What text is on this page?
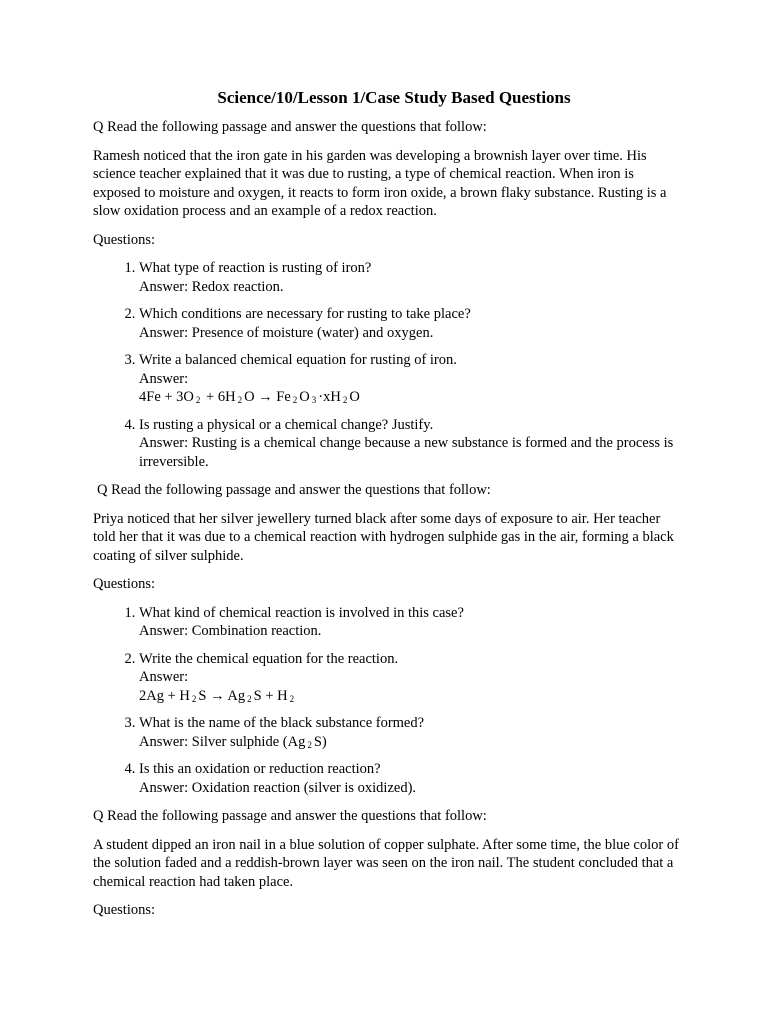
Science/10/Lesson 1/Case Study Based Questions

Q Read the following passage and answer the questions that follow:

Ramesh noticed that the iron gate in his garden was developing a brownish layer over time. His science teacher explained that it was due to rusting, a type of chemical reaction. When iron is exposed to moisture and oxygen, it reacts to form iron oxide, a brown flaky substance. Rusting is a slow oxidation process and an example of a redox reaction.

Questions:

1. What type of reaction is rusting of iron?
Answer: Redox reaction.
2. Which conditions are necessary for rusting to take place?
Answer: Presence of moisture (water) and oxygen.
3. Write a balanced chemical equation for rusting of iron.
Answer:
4Fe + 3O $_2$ + 6H $_2$ O → Fe $_2$ O $_3$ ·xH $_2$ O
4. Is rusting a physical or a chemical change? Justify.
Answer: Rusting is a chemical change because a new substance is formed and the process is irreversible.

Q Read the following passage and answer the questions that follow:

Priya noticed that her silver jewellery turned black after some days of exposure to air. Her teacher told her that it was due to a chemical reaction with hydrogen sulphide gas in the air, forming a black coating of silver sulphide.

Questions:

1. What kind of chemical reaction is involved in this case?
Answer: Combination reaction.
2. Write the chemical equation for the reaction.
Answer:
2Ag + H $_2$ S → Ag $_2$ S + H $_2$
3. What is the name of the black substance formed?
Answer: Silver sulphide (Ag $_2$ S)
4. Is this an oxidation or reduction reaction?
Answer: Oxidation reaction (silver is oxidized).

Q Read the following passage and answer the questions that follow:

A student dipped an iron nail in a blue solution of copper sulphate. After some time, the blue color of the solution faded and a reddish-brown layer was seen on the iron nail. The student concluded that a chemical reaction had taken place.

Questions:
